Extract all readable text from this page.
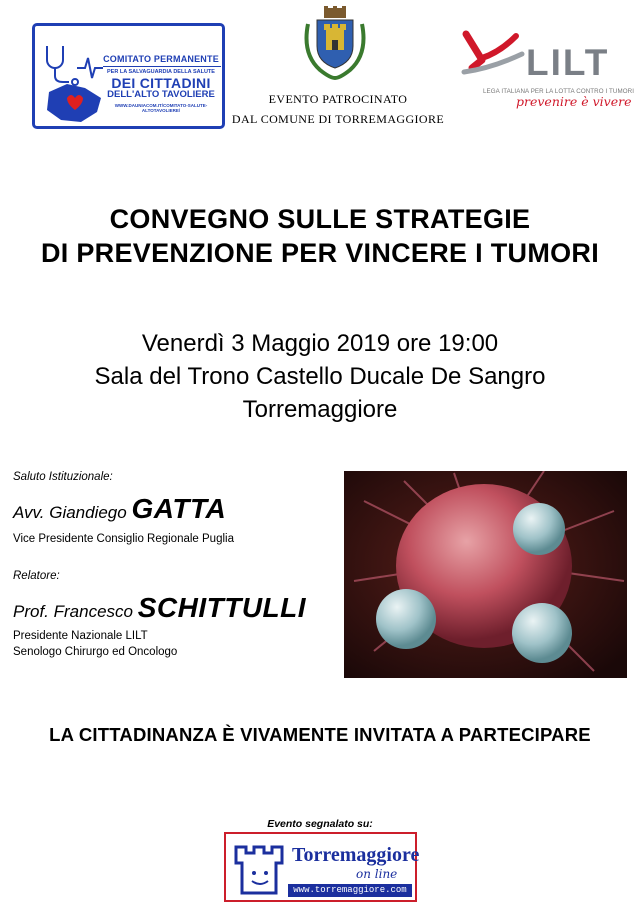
COMITATO PERMANENTE
PER LA SALVAGUARDIA DELLA SALUTE
DEI CITTADINI
DELL'ALTO TAVOLIERE
WWW.DAUNIACOM.IT/COMITATO-SALUTE-ALTOTAVOLIERE/
EVENTO PATROCINATO
DAL COMUNE DI TORREMAGGIORE
LILT
LEGA ITALIANA PER LA LOTTA CONTRO I TUMORI
prevenire è vivere
CONVEGNO SULLE STRATEGIE
DI PREVENZIONE PER VINCERE I TUMORI
Venerdì 3 Maggio 2019 ore 19:00
Sala del Trono Castello Ducale De Sangro
Torremaggiore
Saluto Istituzionale:
Avv. Giandiego GATTA
Vice Presidente Consiglio Regionale Puglia
Relatore:
Prof. Francesco SCHITTULLI
Presidente Nazionale LILT
Senologo Chirurgo ed Oncologo
LA CITTADINANZA È VIVAMENTE INVITATA A PARTECIPARE
Evento segnalato su:
Torremaggiore
on line
www.torremaggiore.com
